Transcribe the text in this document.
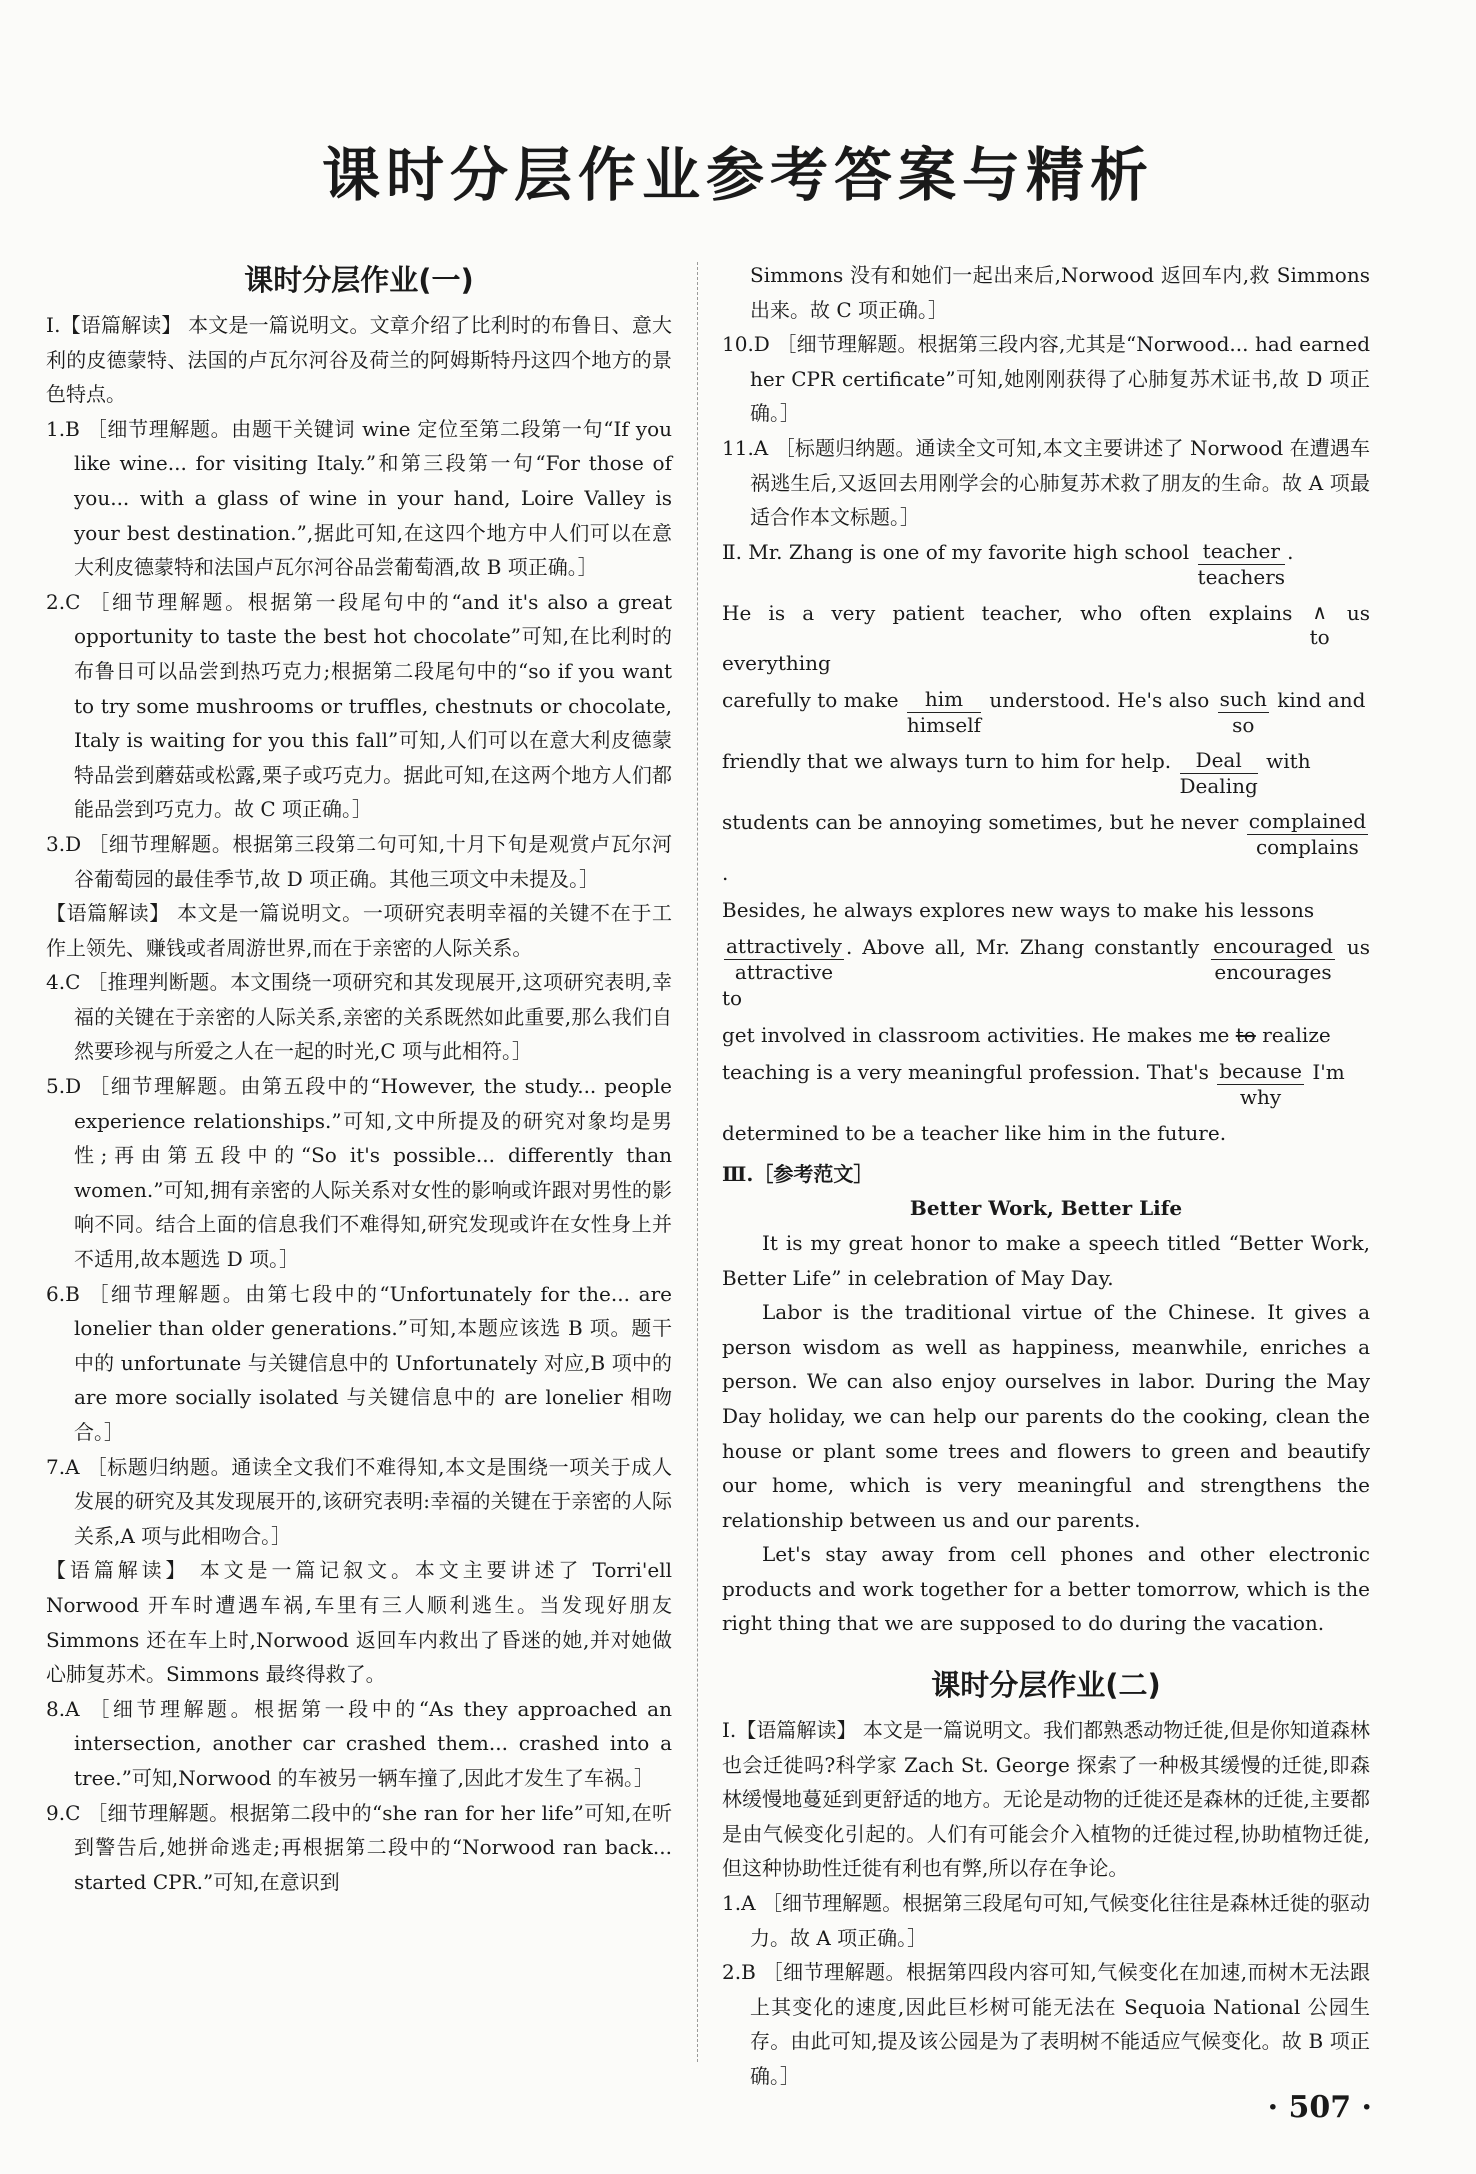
课时分层作业参考答案与精析
课时分层作业(一)

Ⅰ.【语篇解读】 本文是一篇说明文。文章介绍了比利时的布鲁日、意大利的皮德蒙特、法国的卢瓦尔河谷及荷兰的阿姆斯特丹这四个地方的景色特点。

1.B ［细节理解题。由题干关键词 wine 定位至第二段第一句“If you like wine... for visiting Italy.”和第三段第一句“For those of you... with a glass of wine in your hand, Loire Valley is your best destination.”,据此可知,在这四个地方中人们可以在意大利皮德蒙特和法国卢瓦尔河谷品尝葡萄酒,故 B 项正确。］

2.C ［细节理解题。根据第一段尾句中的“and it's also a great opportunity to taste the best hot chocolate”可知,在比利时的布鲁日可以品尝到热巧克力;根据第二段尾句中的“so if you want to try some mushrooms or truffles, chestnuts or chocolate, Italy is waiting for you this fall”可知,人们可以在意大利皮德蒙特品尝到蘑菇或松露,栗子或巧克力。据此可知,在这两个地方人们都能品尝到巧克力。故 C 项正确。］

3.D ［细节理解题。根据第三段第二句可知,十月下旬是观赏卢瓦尔河谷葡萄园的最佳季节,故 D 项正确。其他三项文中未提及。］

【语篇解读】 本文是一篇说明文。一项研究表明幸福的关键不在于工作上领先、赚钱或者周游世界,而在于亲密的人际关系。

4.C ［推理判断题。本文围绕一项研究和其发现展开,这项研究表明,幸福的关键在于亲密的人际关系,亲密的关系既然如此重要,那么我们自然要珍视与所爱之人在一起的时光,C 项与此相符。］

5.D ［细节理解题。由第五段中的“However, the study... people experience relationships.”可知,文中所提及的研究对象均是男性;再由第五段中的“So it's possible... differently than women.”可知,拥有亲密的人际关系对女性的影响或许跟对男性的影响不同。结合上面的信息我们不难得知,研究发现或许在女性身上并不适用,故本题选 D 项。］

6.B ［细节理解题。由第七段中的“Unfortunately for the... are lonelier than older generations.”可知,本题应该选 B 项。题干中的 unfortunate 与关键信息中的 Unfortunately 对应,B 项中的 are more socially isolated 与关键信息中的 are lonelier 相吻合。］

7.A ［标题归纳题。通读全文我们不难得知,本文是围绕一项关于成人发展的研究及其发现展开的,该研究表明:幸福的关键在于亲密的人际关系,A 项与此相吻合。］

【语篇解读】 本文是一篇记叙文。本文主要讲述了 Torri'ell Norwood 开车时遭遇车祸,车里有三人顺利逃生。当发现好朋友 Simmons 还在车上时,Norwood 返回车内救出了昏迷的她,并对她做心肺复苏术。Simmons 最终得救了。

8.A ［细节理解题。根据第一段中的“As they approached an intersection, another car crashed them... crashed into a tree.”可知,Norwood 的车被另一辆车撞了,因此才发生了车祸。］

9.C ［细节理解题。根据第二段中的“she ran for her life”可知,在听到警告后,她拼命逃走;再根据第二段中的“Norwood ran back... started CPR.”可知,在意识到

Simmons 没有和她们一起出来后,Norwood 返回车内,救 Simmons 出来。故 C 项正确。］

10.D ［细节理解题。根据第三段内容,尤其是“Norwood... had earned her CPR certificate”可知,她刚刚获得了心肺复苏术证书,故 D 项正确。］

11.A ［标题归纳题。通读全文可知,本文主要讲述了 Norwood 在遭遇车祸逃生后,又返回去用刚学会的心肺复苏术救了朋友的生命。故 A 项最适合作本文标题。］

Ⅱ. Mr. Zhang is one of my favorite high school teacher
teachers
.

He is a very patient teacher, who often explains ∧
to
us everything

carefully to make	him
himself
understood. He's also such
so
kind and

friendly that we always turn to him for help.	Deal
Dealing
with

students can be annoying sometimes, but he never complained
complains
.

Besides, he always explores new ways to make his lessons

attractively
attractive
. Above all, Mr. Zhang constantly encouraged
encourages
us to

get involved in classroom activities. He makes me to realize

teaching is a very meaningful profession. That's because
why
I'm

determined to be a teacher like him in the future.

Ⅲ.［参考范文］

Better Work, Better Life

It is my great honor to make a speech titled “Better Work, Better Life” in celebration of May Day.

Labor is the traditional virtue of the Chinese. It gives a person wisdom as well as happiness, meanwhile, enriches a person. We can also enjoy ourselves in labor. During the May Day holiday, we can help our parents do the cooking, clean the house or plant some trees and flowers to green and beautify our home, which is very meaningful and strengthens the relationship between us and our parents.

Let's stay away from cell phones and other electronic products and work together for a better tomorrow, which is the right thing that we are supposed to do during the vacation.

课时分层作业(二)

Ⅰ.【语篇解读】 本文是一篇说明文。我们都熟悉动物迁徙,但是你知道森林也会迁徙吗?科学家 Zach St. George 探索了一种极其缓慢的迁徙,即森林缓慢地蔓延到更舒适的地方。无论是动物的迁徙还是森林的迁徙,主要都是由气候变化引起的。人们有可能会介入植物的迁徙过程,协助植物迁徙,但这种协助性迁徙有利也有弊,所以存在争论。

1.A ［细节理解题。根据第三段尾句可知,气候变化往往是森林迁徙的驱动力。故 A 项正确。］

2.B ［细节理解题。根据第四段内容可知,气候变化在加速,而树木无法跟上其变化的速度,因此巨杉树可能无法在 Sequoia National 公园生存。由此可知,提及该公园是为了表明树不能适应气候变化。故 B 项正确。］

· 507 ·
